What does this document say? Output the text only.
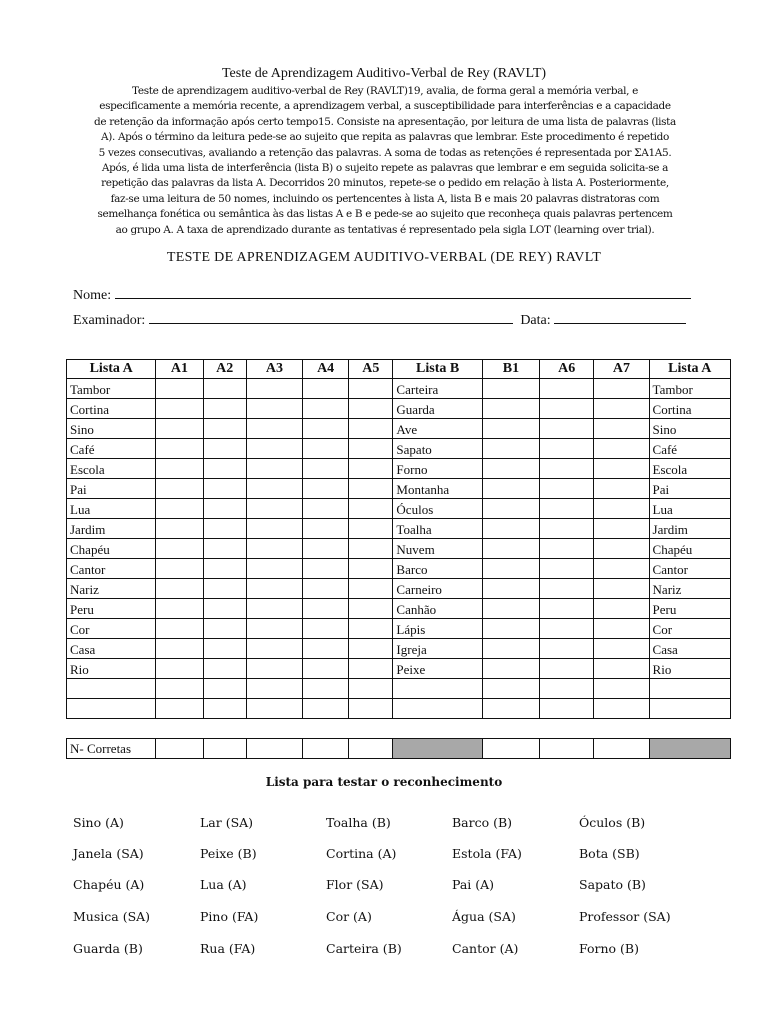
Teste de Aprendizagem Auditivo-Verbal de Rey (RAVLT)
Teste de aprendizagem auditivo-verbal de Rey (RAVLT)19, avalia, de forma geral a memória verbal, e
especificamente a memória recente, a aprendizagem verbal, a susceptibilidade para interferências e a capacidade
de retenção da informação após certo tempo15. Consiste na apresentação, por leitura de uma lista de palavras (lista
A). Após o término da leitura pede-se ao sujeito que repita as palavras que lembrar. Este procedimento é repetido
5 vezes consecutivas, avaliando a retenção das palavras. A soma de todas as retenções é representada por ΣA1A5.
Após, é lida uma lista de interferência (lista B) o sujeito repete as palavras que lembrar e em seguida solicita-se a
repetição das palavras da lista A. Decorridos 20 minutos, repete-se o pedido em relação à lista A. Posteriormente,
faz-se uma leitura de 50 nomes, incluindo os pertencentes à lista A, lista B e mais 20 palavras distratoras com
semelhança fonética ou semântica às das listas A e B e pede-se ao sujeito que reconheça quais palavras pertencem
ao grupo A. A taxa de aprendizado durante as tentativas é representado pela sigla LOT (learning over trial).
TESTE DE APRENDIZAGEM AUDITIVO-VERBAL (DE REY) RAVLT
Nome:
Examinador:	Data:
Lista A	A1	A2	A3	A4	A5	Lista B	B1	A6	A7	Lista A
Tambor						Carteira				Tambor
Cortina						Guarda				Cortina
Sino						Ave				Sino
Café						Sapato				Café
Escola						Forno				Escola
Pai						Montanha				Pai
Lua						Óculos				Lua
Jardim						Toalha				Jardim
Chapéu						Nuvem				Chapéu
Cantor						Barco				Cantor
Nariz						Carneiro				Nariz
Peru						Canhão				Peru
Cor						Lápis				Cor
Casa						Igreja				Casa
Rio						Peixe				Rio

N- Corretas										
Lista para testar o reconhecimento
Sino (A)
Janela (SA)
Chapéu (A)
Musica (SA)
Guarda (B)
Lar (SA)
Peixe (B)
Lua (A)
Pino (FA)
Rua (FA)
Toalha (B)
Cortina (A)
Flor (SA)
Cor (A)
Carteira (B)
Barco (B)
Estola (FA)
Pai (A)
Água (SA)
Cantor (A)
Óculos (B)
Bota (SB)
Sapato (B)
Professor (SA)
Forno (B)
